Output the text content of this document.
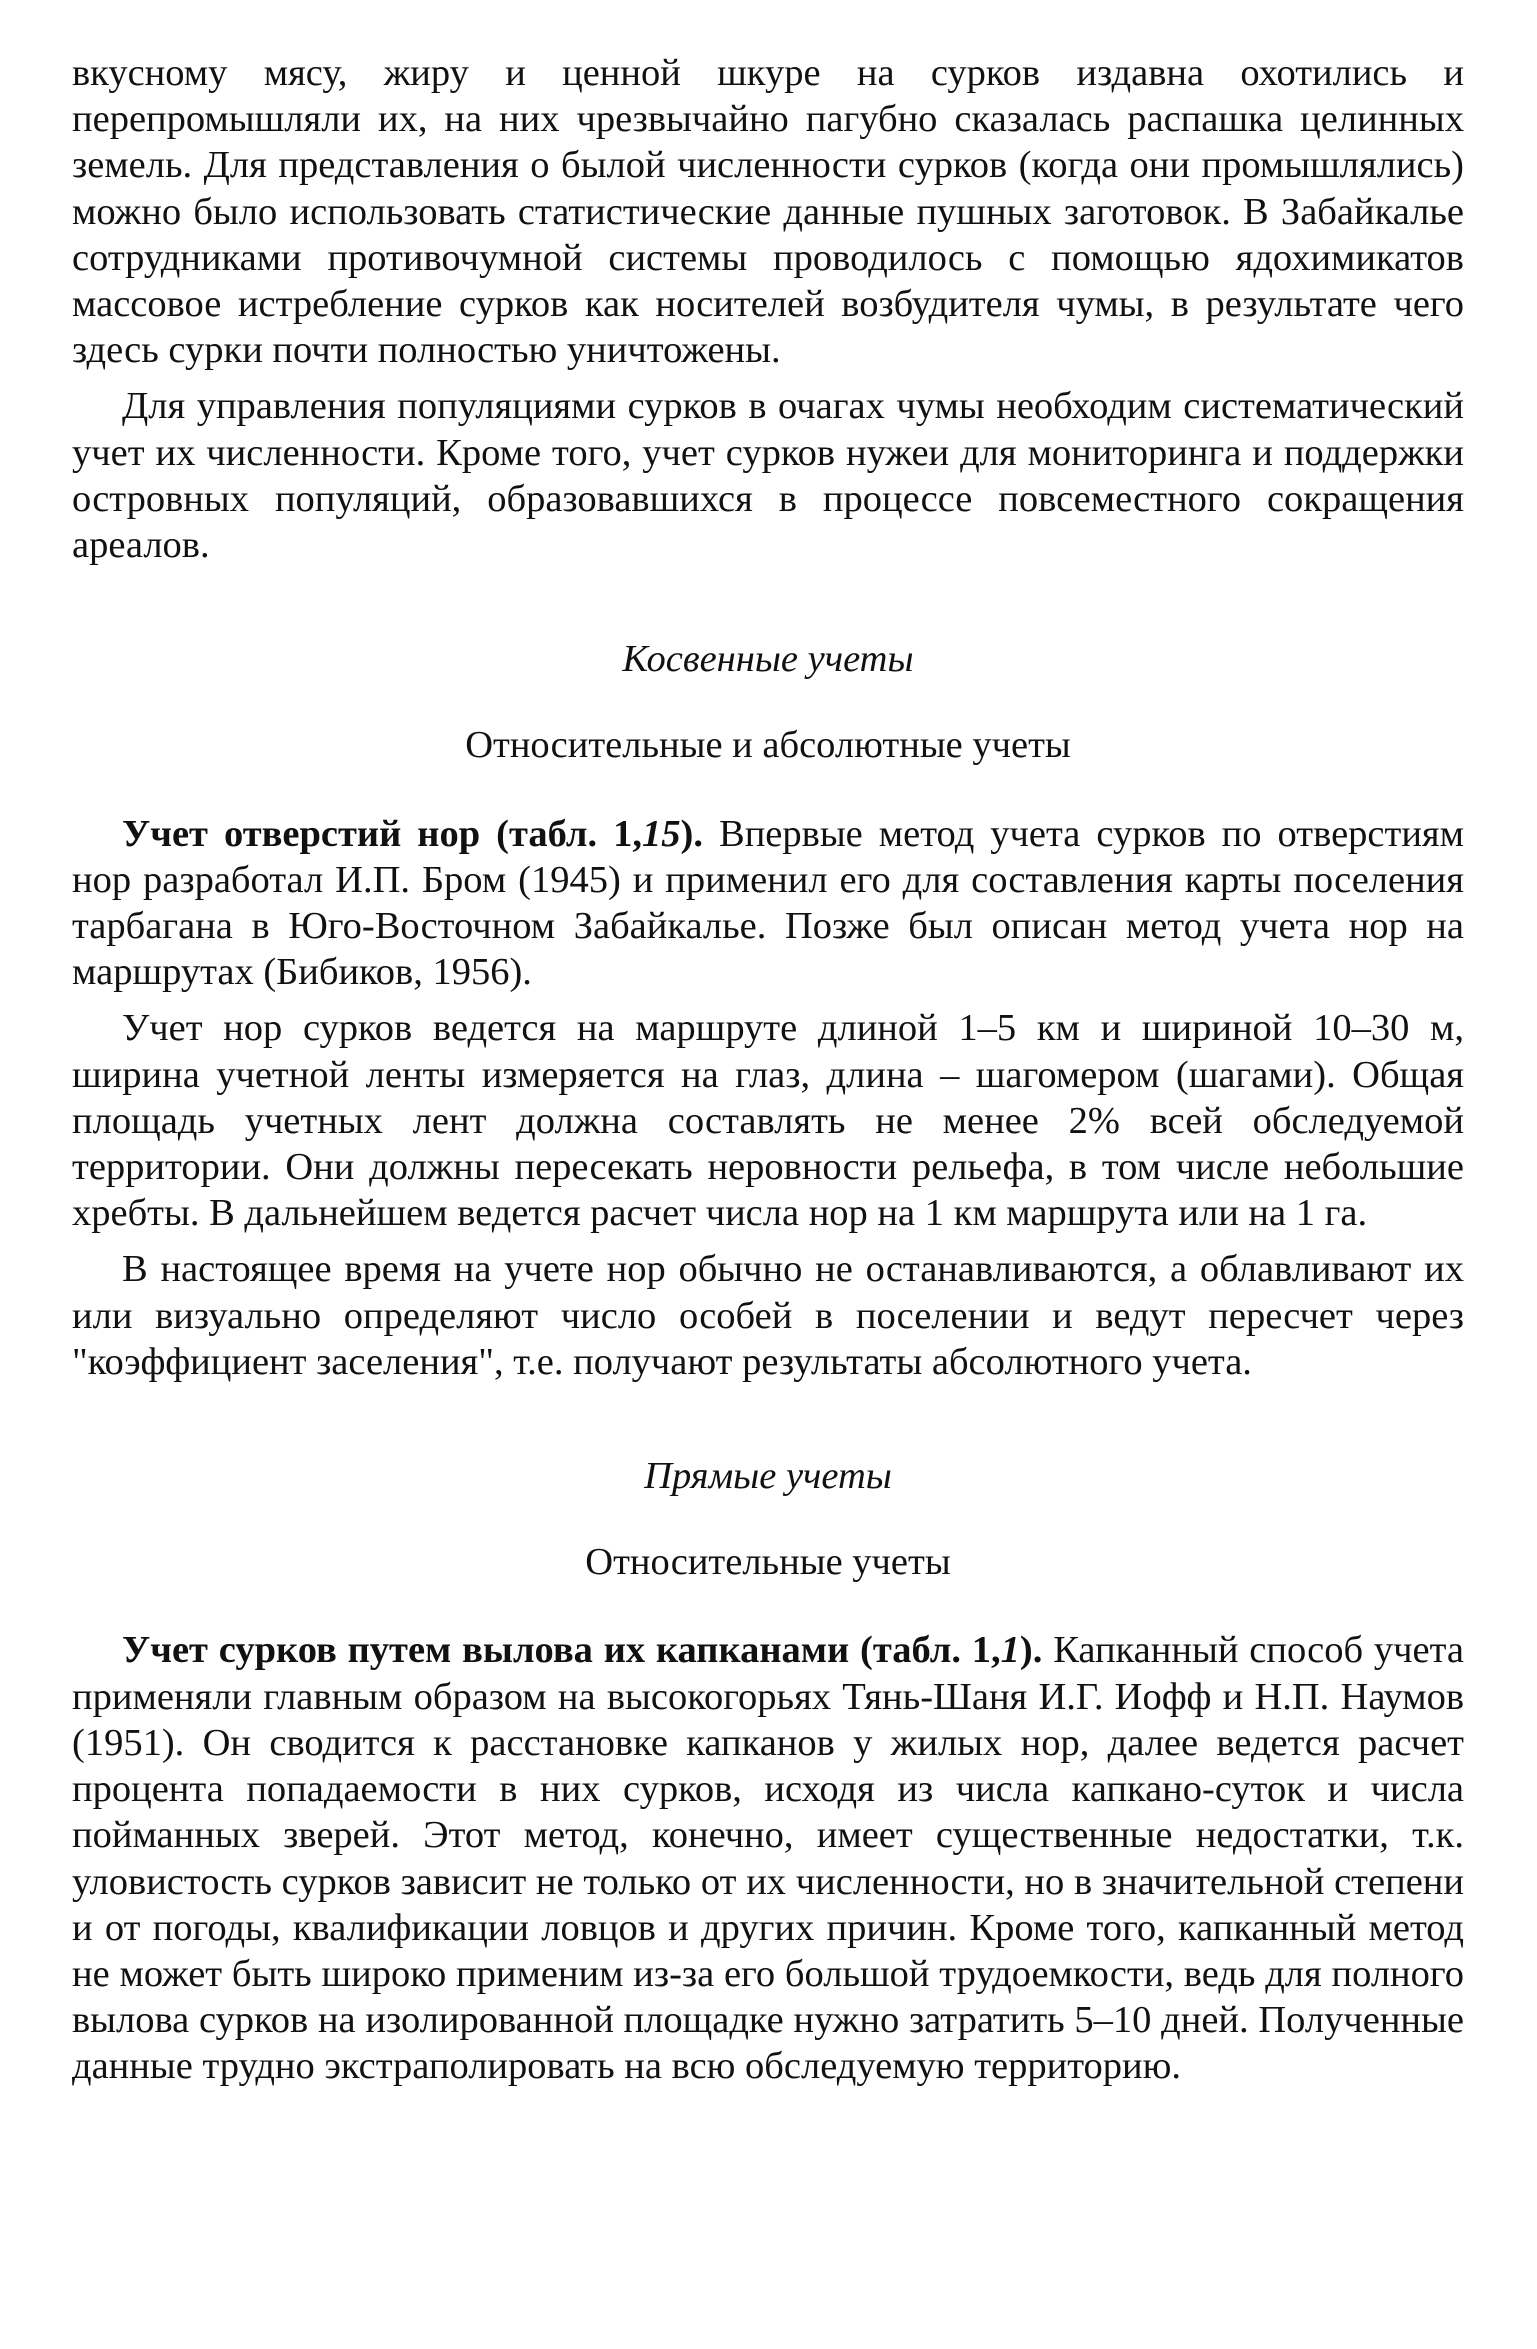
вкусному мясу, жиру и ценной шкуре на сурков издавна охотились и перепромышляли их, на них чрезвычайно пагубно сказалась распашка целинных земель. Для представления о былой численности сурков (когда они промышлялись) можно было использовать статистические данные пушных заготовок. В Забайкалье сотрудниками противочумной системы проводилось с помощью ядохимикатов массовое истребление сурков как носителей возбудителя чумы, в результате чего здесь сурки почти полностью уничтожены.

Для управления популяциями сурков в очагах чумы необходим систематический учет их численности. Кроме того, учет сурков нужеи для мониторинга и поддержки островных популяций, образовавшихся в процессе повсеместного сокращения ареалов.

Косвенные учеты
Относительные и абсолютные учеты

Учет отверстий нор (табл. 1,15). Впервые метод учета сурков по отверстиям нор разработал И.П. Бром (1945) и применил его для составления карты поселения тарбагана в Юго-Восточном Забайкалье. Позже был описан метод учета нор на маршрутах (Бибиков, 1956).

Учет нор сурков ведется на маршруте длиной 1–5 км и шириной 10–30 м, ширина учетной ленты измеряется на глаз, длина – шагомером (шагами). Общая площадь учетных лент должна составлять не менее 2% всей обследуемой территории. Они должны пересекать неровности рельефа, в том числе небольшие хребты. В дальнейшем ведется расчет числа нор на 1 км маршрута или на 1 га.

В настоящее время на учете нор обычно не останавливаются, а облавливают их или визуально определяют число особей в поселении и ведут пересчет через "коэффициент заселения", т.е. получают результаты абсолютного учета.

Прямые учеты
Относительные учеты

Учет сурков путем вылова их капканами (табл. 1,1). Капканный способ учета применяли главным образом на высокогорьях Тянь-Шаня И.Г. Иофф и Н.П. Наумов (1951). Он сводится к расстановке капканов у жилых нор, далее ведется расчет процента попадаемости в них сурков, исходя из числа капкано-суток и числа пойманных зверей. Этот метод, конечно, имеет существенные недостатки, т.к. уловистость сурков зависит не только от их численности, но в значительной степени и от погоды, квалификации ловцов и других причин. Кроме того, капканный метод не может быть широко применим из-за его большой трудоемкости, ведь для полного вылова сурков на изолированной площадке нужно затратить 5–10 дней. Полученные данные трудно экстраполировать на всю обследуемую территорию.
